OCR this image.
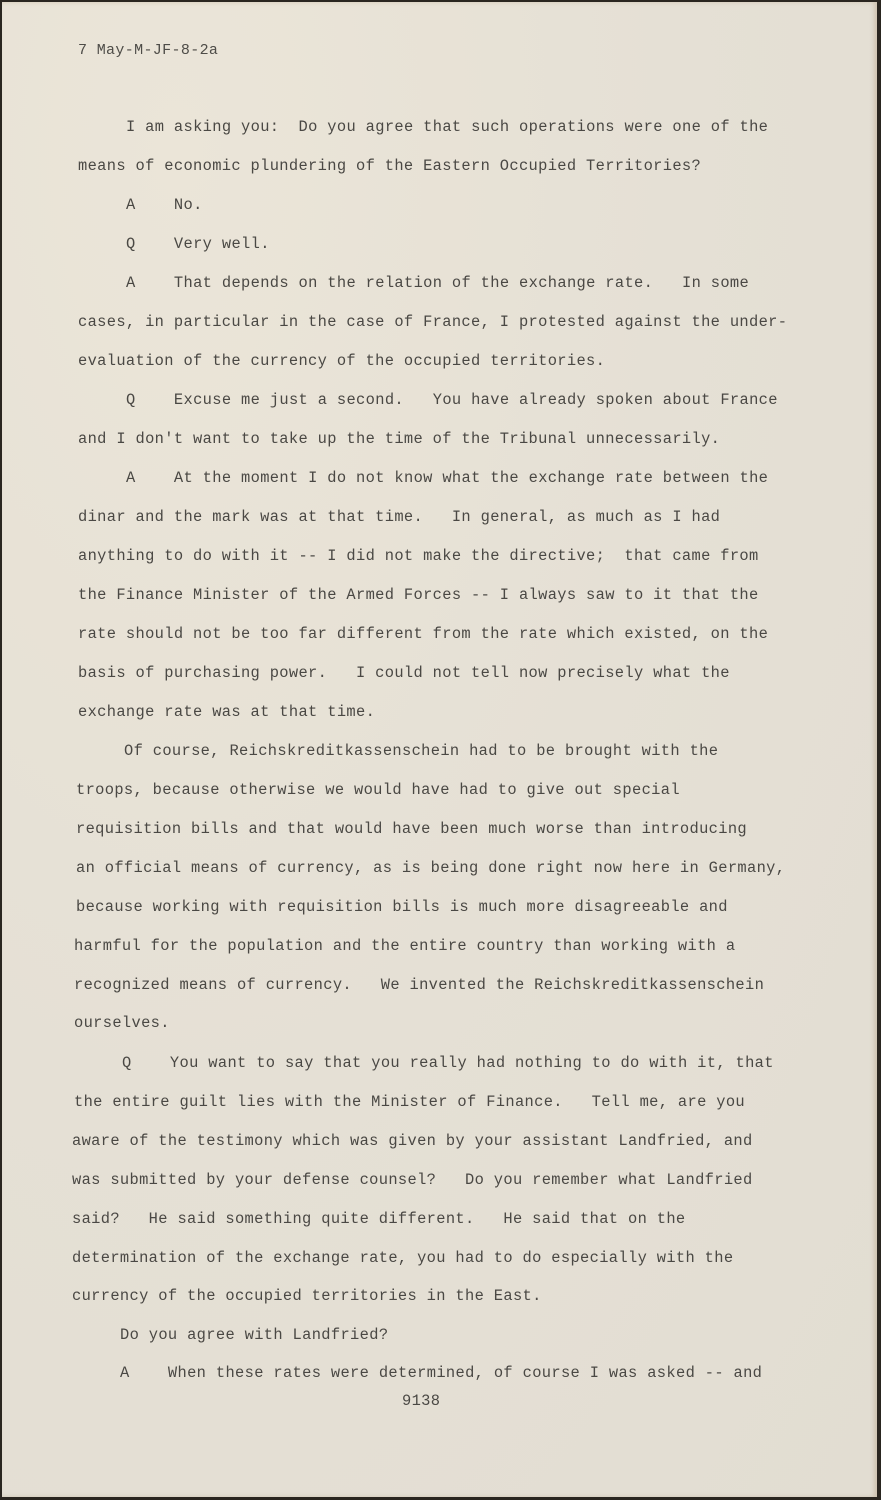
7 May-M-JF-8-2a
I am asking you:  Do you agree that such operations were one of the
means of economic plundering of the Eastern Occupied Territories?
A    No.
Q    Very well.
A    That depends on the relation of the exchange rate.   In some
cases, in particular in the case of France, I protested against the under-
evaluation of the currency of the occupied territories.
Q    Excuse me just a second.   You have already spoken about France
and I don't want to take up the time of the Tribunal unnecessarily.
A    At the moment I do not know what the exchange rate between the
dinar and the mark was at that time.   In general, as much as I had
anything to do with it -- I did not make the directive;  that came from
the Finance Minister of the Armed Forces -- I always saw to it that the
rate should not be too far different from the rate which existed, on the
basis of purchasing power.   I could not tell now precisely what the
exchange rate was at that time.
Of course, Reichskreditkassenschein had to be brought with the
troops, because otherwise we would have had to give out special
requisition bills and that would have been much worse than introducing
an official means of currency, as is being done right now here in Germany,
because working with requisition bills is much more disagreeable and
harmful for the population and the entire country than working with a
recognized means of currency.   We invented the Reichskreditkassenschein
ourselves.
Q    You want to say that you really had nothing to do with it, that
the entire guilt lies with the Minister of Finance.   Tell me, are you
aware of the testimony which was given by your assistant Landfried, and
was submitted by your defense counsel?   Do you remember what Landfried
said?   He said something quite different.   He said that on the
determination of the exchange rate, you had to do especially with the
currency of the occupied territories in the East.
Do you agree with Landfried?
A    When these rates were determined, of course I was asked -- and
9138
